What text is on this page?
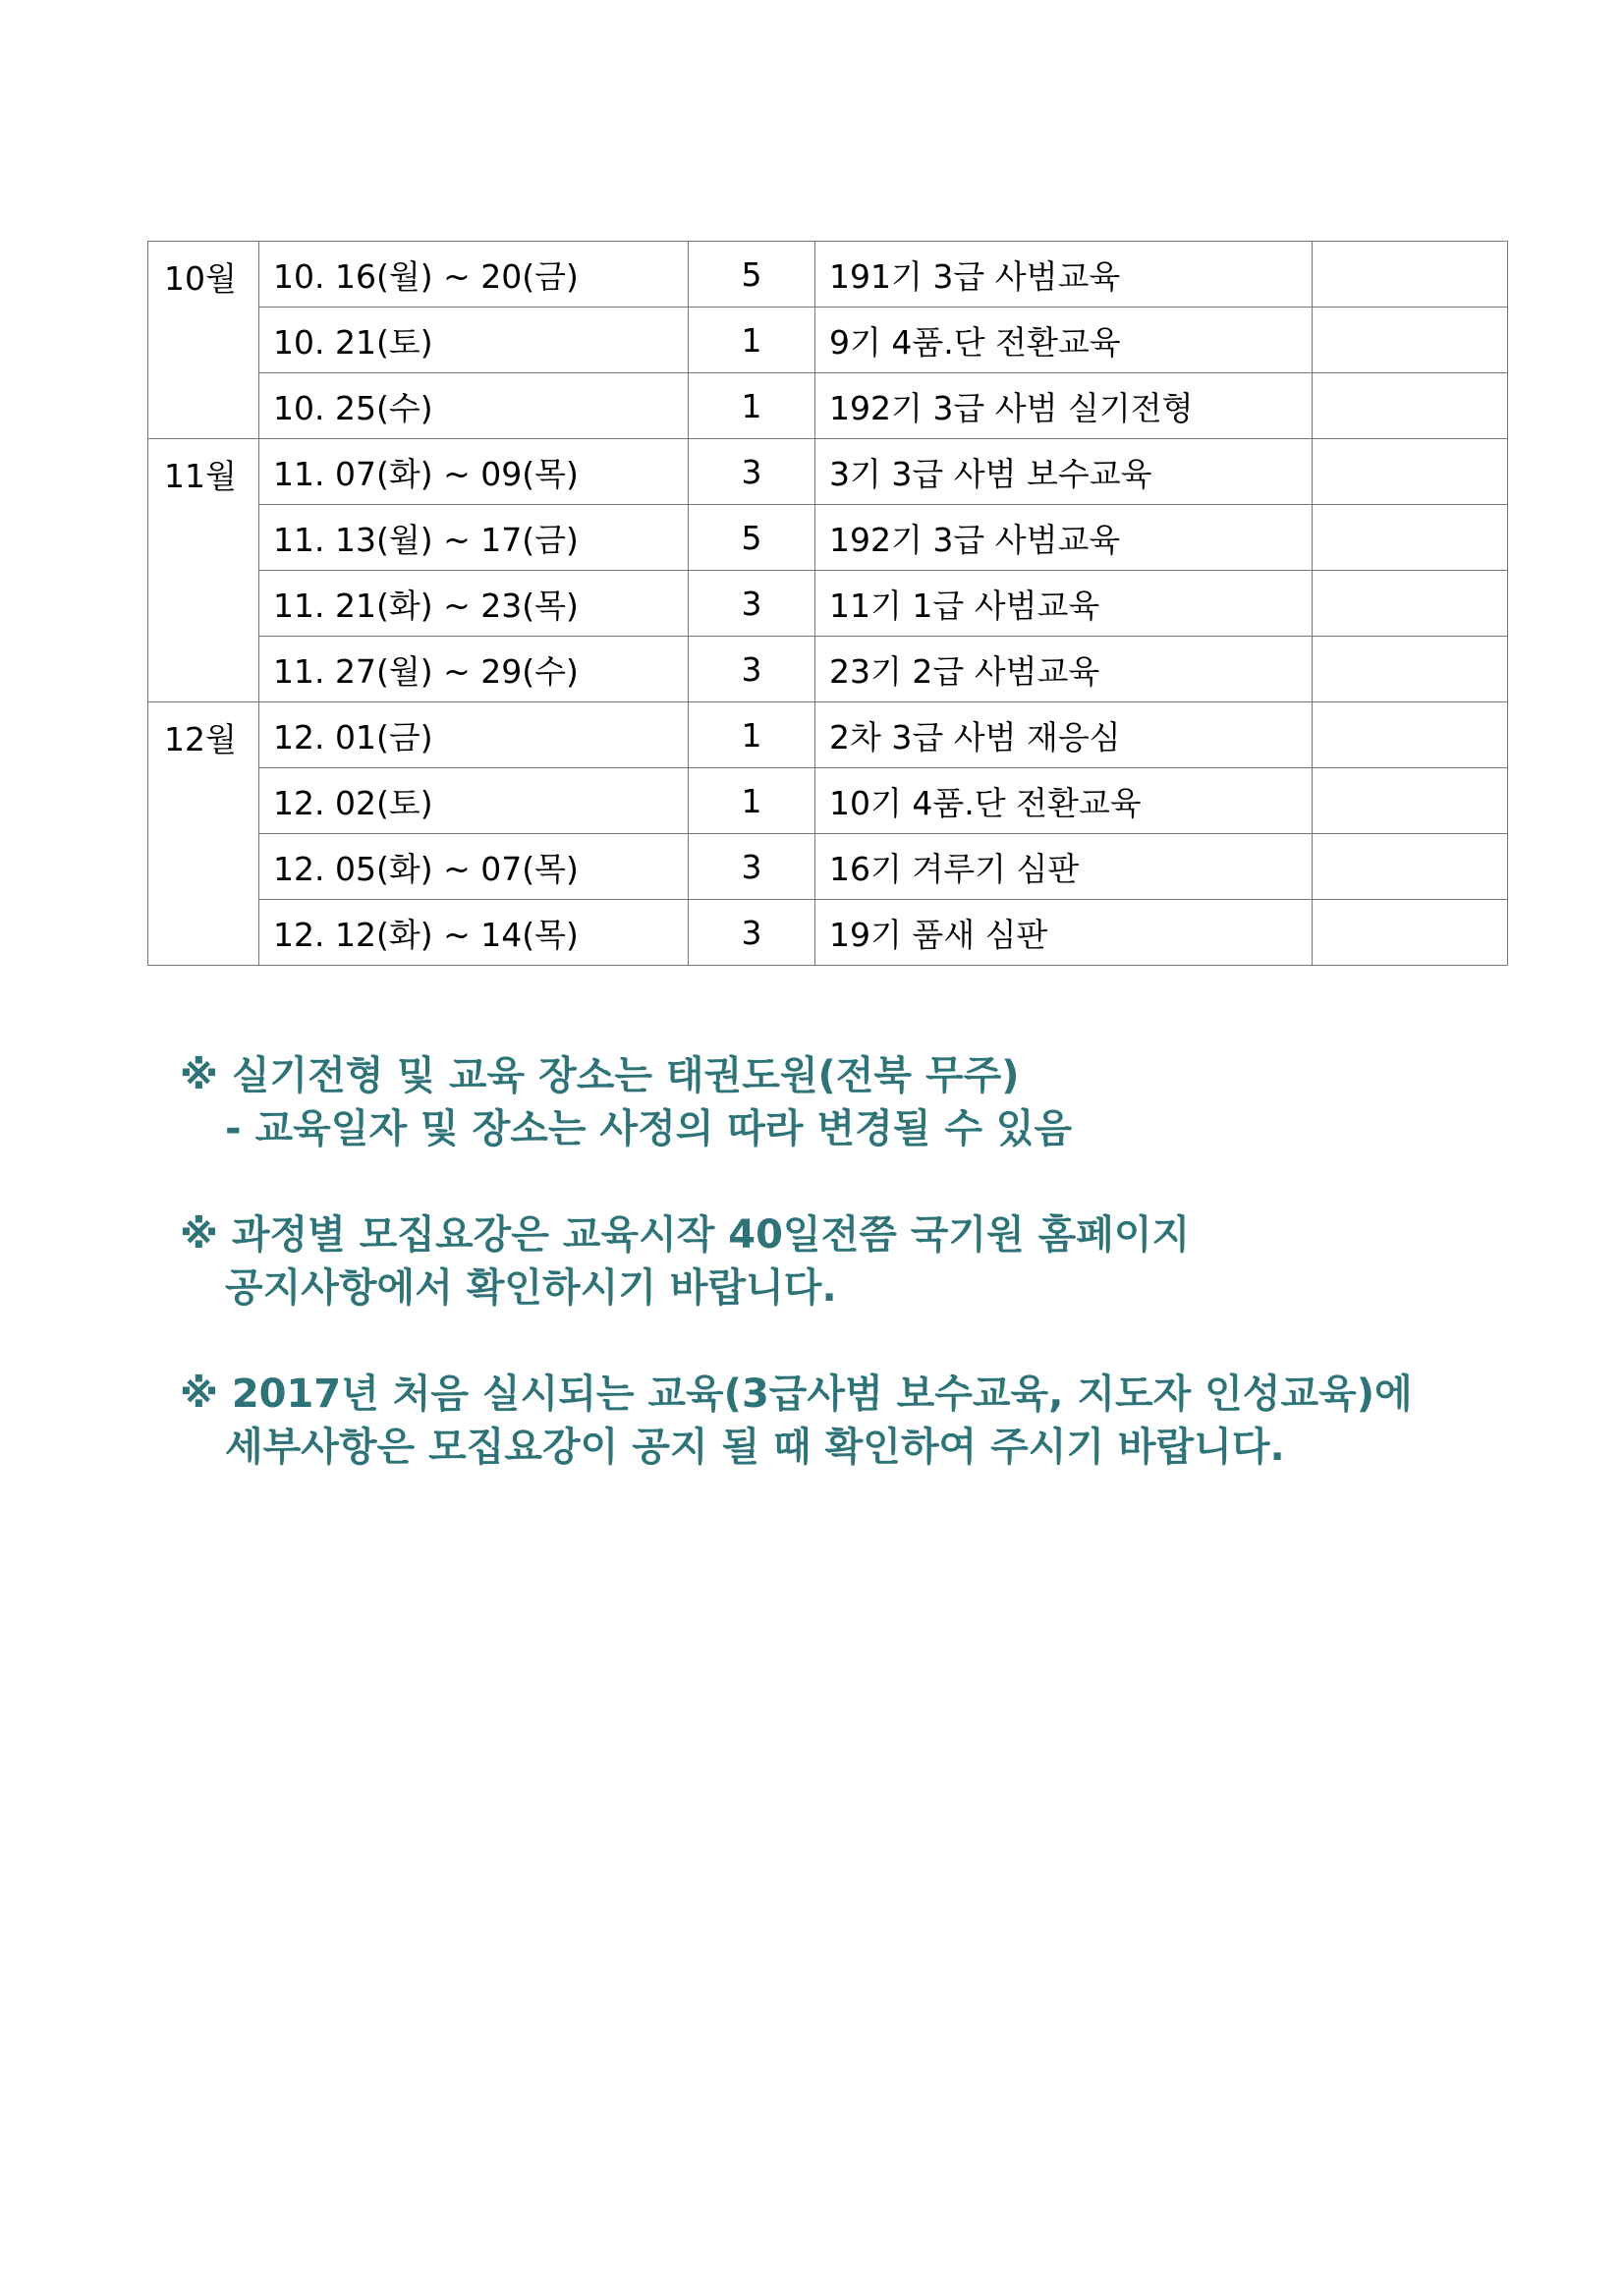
10월	10. 16(월) ~ 20(금)	5	191기 3급 사범교육	
	10. 21(토)	1	9기 4품.단 전환교육	
	10. 25(수)	1	192기 3급 사범 실기전형	
11월	11. 07(화) ~ 09(목)	3	3기 3급 사범 보수교육	
	11. 13(월) ~ 17(금)	5	192기 3급 사범교육	
	11. 21(화) ~ 23(목)	3	11기 1급 사범교육	
	11. 27(월) ~ 29(수)	3	23기 2급 사범교육	
12월	12. 01(금)	1	2차 3급 사범 재응심	
	12. 02(토)	1	10기 4품.단 전환교육	
	12. 05(화) ~ 07(목)	3	16기 겨루기 심판	
	12. 12(화) ~ 14(목)	3	19기 품새 심판	
※ 실기전형 및 교육 장소는 태권도원(전북 무주)
- 교육일자 및 장소는 사정의 따라 변경될 수 있음
※ 과정별 모집요강은 교육시작 40일전쯤 국기원 홈페이지
공지사항에서 확인하시기 바랍니다.
※ 2017년 처음 실시되는 교육(3급사범 보수교육, 지도자 인성교육)에
세부사항은 모집요강이 공지 될 때 확인하여 주시기 바랍니다.
